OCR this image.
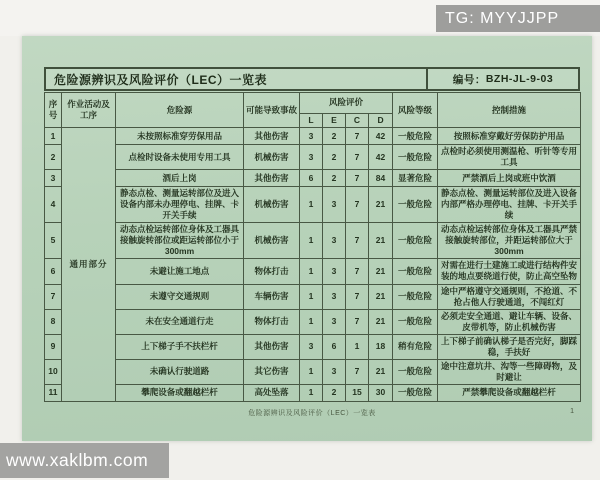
危险源辨识及风险评价（LEC）一览表	编号： BZH-JL-9-03
序号	作业活动及工序	危险源	可能导致事故	风险评价				风险等级	控制措施
				L	E	C	D		
1	通用部分	未按照标准穿劳保用品	其他伤害	3	2	7	42	一般危险	按照标准穿戴好劳保防护用品
2		点检时设备未使用专用工具	机械伤害	3	2	7	42	一般危险	点检时必须使用测温枪、听针等专用工具
3		酒后上岗	其他伤害	6	2	7	84	显著危险	严禁酒后上岗或班中饮酒
4		静态点检、测量运转部位及进入设备内部未办理停电、挂牌、卡开关手续	机械伤害	1	3	7	21	一般危险	静态点检、测量运转部位及进入设备内部严格办理停电、挂牌、卡开关手续
5		动态点检运转部位身体及工器具接触旋转部位或距运转部位小于300mm	机械伤害	1	3	7	21	一般危险	动态点检运转部位身体及工器具严禁接触旋转部位，并距运转部位大于300mm
6		未避让施工地点	物体打击	1	3	7	21	一般危险	对需在进行土建施工或进行结构件安装的地点要绕道行使，防止高空坠物
7		未遵守交通规则	车辆伤害	1	3	7	21	一般危险	途中严格遵守交通规则，不抢道、不抢占他人行驶通道，不闯红灯
8		未在安全通道行走	物体打击	1	3	7	21	一般危险	必须走安全通道、避让车辆、设备、皮带机等，防止机械伤害
9		上下梯子手不扶栏杆	其他伤害	3	6	1	18	稍有危险	上下梯子前确认梯子是否完好，脚踩稳，手扶好
10		未确认行驶道路	其它伤害	1	3	7	21	一般危险	途中注意坑井、沟等一些障碍物，及时避让
11		攀爬设备或翻越栏杆	高处坠落	1	2	15	30	一般危险	严禁攀爬设备或翻越栏杆
危险源辨识及风险评价（LEC）一览表	1
TG: MYYJJPP
www.xaklbm.com
